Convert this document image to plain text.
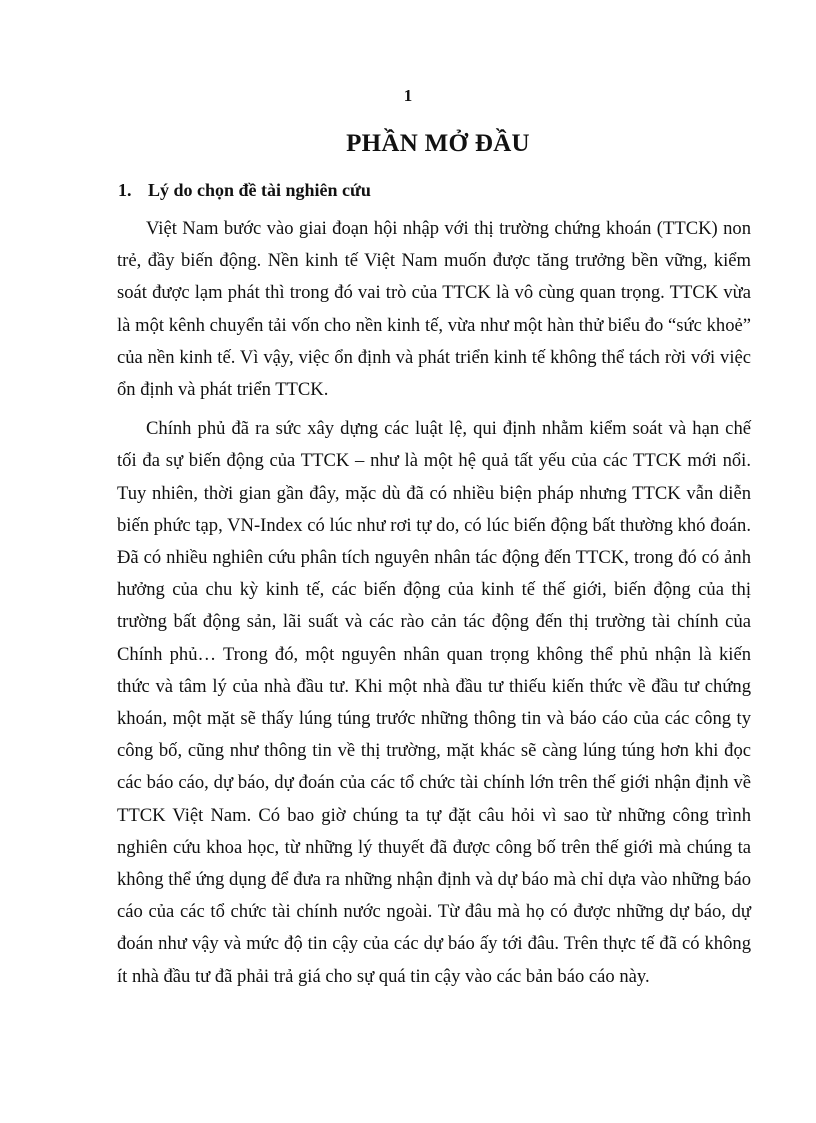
1
PHẦN MỞ ĐẦU
1. Lý do chọn đề tài nghiên cứu

Việt Nam bước vào giai đoạn hội nhập với thị trường chứng khoán (TTCK) non trẻ, đầy biến động. Nền kinh tế Việt Nam muốn được tăng trưởng bền vững, kiểm soát được lạm phát thì trong đó vai trò của TTCK là vô cùng quan trọng. TTCK vừa là một kênh chuyển tải vốn cho nền kinh tế, vừa như một hàn thử biểu đo “sức khoẻ” của nền kinh tế. Vì vậy, việc ổn định và phát triển kinh tế không thể tách rời với việc ổn định và phát triển TTCK.

Chính phủ đã ra sức xây dựng các luật lệ, qui định nhằm kiểm soát và hạn chế tối đa sự biến động của TTCK – như là một hệ quả tất yếu của các TTCK mới nổi. Tuy nhiên, thời gian gần đây, mặc dù đã có nhiều biện pháp nhưng TTCK vẫn diễn biến phức tạp, VN-Index có lúc như rơi tự do, có lúc biến động bất thường khó đoán. Đã có nhiều nghiên cứu phân tích nguyên nhân tác động đến TTCK, trong đó có ảnh hưởng của chu kỳ kinh tế, các biến động của kinh tế thế giới, biến động của thị trường bất động sản, lãi suất và các rào cản tác động đến thị trường tài chính của Chính phủ… Trong đó, một nguyên nhân quan trọng không thể phủ nhận là kiến thức và tâm lý của nhà đầu tư. Khi một nhà đầu tư thiếu kiến thức về đầu tư chứng khoán, một mặt sẽ thấy lúng túng trước những thông tin và báo cáo của các công ty công bố, cũng như thông tin về thị trường, mặt khác sẽ càng lúng túng hơn khi đọc các báo cáo, dự báo, dự đoán của các tổ chức tài chính lớn trên thế giới nhận định về TTCK Việt Nam. Có bao giờ chúng ta tự đặt câu hỏi vì sao từ những công trình nghiên cứu khoa học, từ những lý thuyết đã được công bố trên thế giới mà chúng ta không thể ứng dụng để đưa ra những nhận định và dự báo mà chỉ dựa vào những báo cáo của các tổ chức tài chính nước ngoài. Từ đâu mà họ có được những dự báo, dự đoán như vậy và mức độ tin cậy của các dự báo ấy tới đâu. Trên thực tế đã có không ít nhà đầu tư đã phải trả giá cho sự quá tin cậy vào các bản báo cáo này.
